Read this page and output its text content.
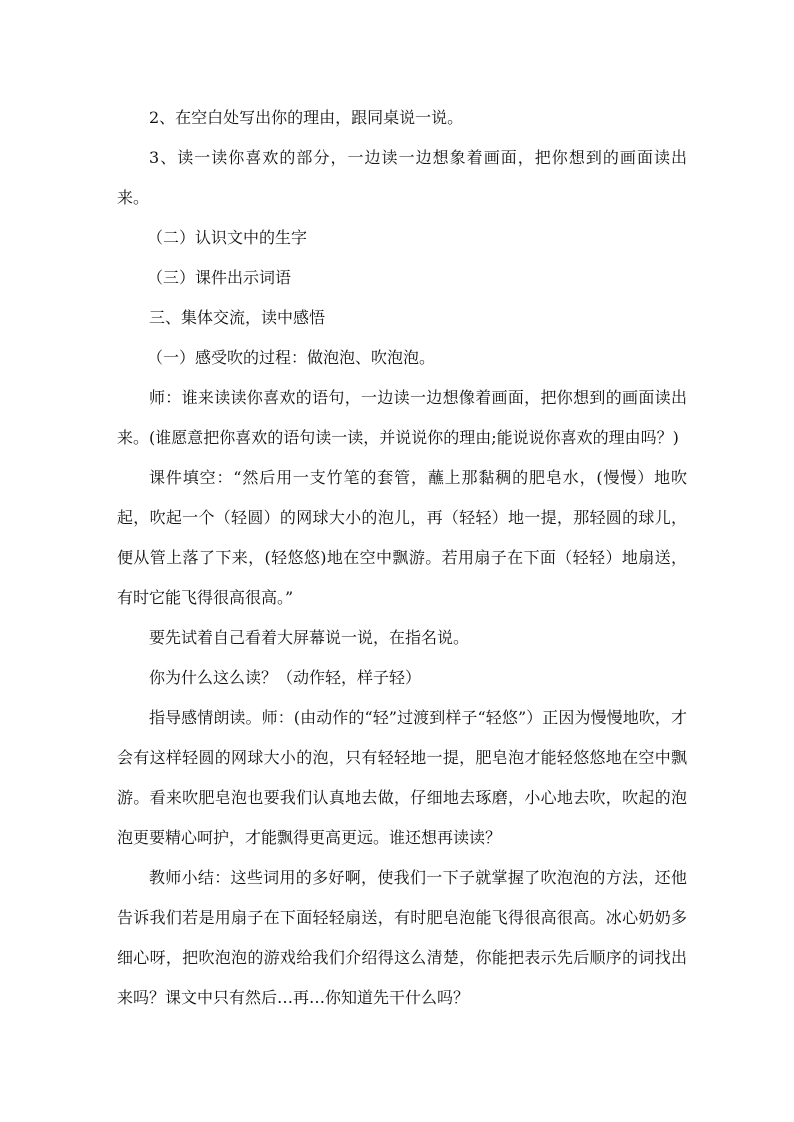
2、在空白处写出你的理由，跟同桌说一说。

3、读一读你喜欢的部分，一边读一边想象着画面，把你想到的画面读出来。

（二）认识文中的生字

（三）课件出示词语

三、集体交流，读中感悟

（一）感受吹的过程：做泡泡、吹泡泡。

师：谁来读读你喜欢的语句，一边读一边想像着画面，把你想到的画面读出来。(谁愿意把你喜欢的语句读一读，并说说你的理由;能说说你喜欢的理由吗？)

课件填空：“然后用一支竹笔的套管，蘸上那黏稠的肥皂水，(慢慢）地吹起，吹起一个（轻圆）的网球大小的泡儿，再（轻轻）地一提，那轻圆的球儿，便从管上落了下来，(轻悠悠)地在空中飘游。若用扇子在下面（轻轻）地扇送，有时它能飞得很高很高。”

要先试着自己看着大屏幕说一说，在指名说。

你为什么这么读？（动作轻，样子轻）

指导感情朗读。师：(由动作的“轻”过渡到样子“轻悠”）正因为慢慢地吹，才会有这样轻圆的网球大小的泡，只有轻轻地一提，肥皂泡才能轻悠悠地在空中飘游。看来吹肥皂泡也要我们认真地去做，仔细地去琢磨，小心地去吹，吹起的泡泡更要精心呵护，才能飘得更高更远。谁还想再读读？

教师小结：这些词用的多好啊，使我们一下子就掌握了吹泡泡的方法，还他告诉我们若是用扇子在下面轻轻扇送，有时肥皂泡能飞得很高很高。冰心奶奶多细心呀，把吹泡泡的游戏给我们介绍得这么清楚，你能把表示先后顺序的词找出来吗？课文中只有然后…再…你知道先干什么吗？
